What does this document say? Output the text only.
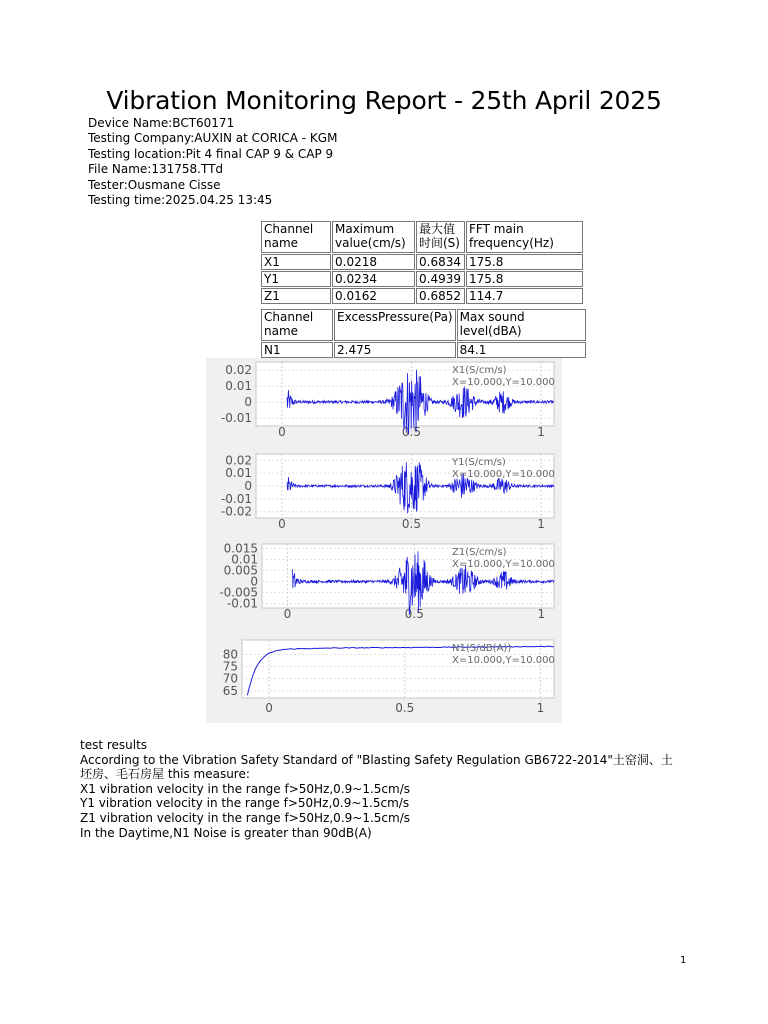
Vibration Monitoring Report - 25th April 2025
Device Name:BCT60171
Testing Company:AUXIN at CORICA - KGM
Testing location:Pit 4 final CAP 9 & CAP 9
File Name:131758.TTd
Tester:Ousmane Cisse
Testing time:2025.04.25 13:45
Channel name	Maximum value(cm/s)	最大值时间(S)	FFT main frequency(Hz)
X1	0.0218	0.6834	175.8
Y1	0.0234	0.4939	175.8
Z1	0.0162	0.6852	114.7
Channel name	ExcessPressure(Pa)	Max sound level(dBA)
N1	2.475	84.1
0	0.5	1
0.02
0.01
0
-0.01
X1(S/cm/s)
X=10.000,Y=10.000
0	0.5	1
0.02
0.01
0
-0.01
-0.02
Y1(S/cm/s)
X=10.000,Y=10.000
0	0.5	1
0.015
0.01
0.005
0
-0.005
-0.01
Z1(S/cm/s)
X=10.000,Y=10.000
0	0.5	1
80
75
70
65
N1(S/dB(A))
X=10.000,Y=10.000
test results
According to the Vibration Safety Standard of "Blasting Safety Regulation GB6722-2014"土窑洞、土坯房、毛石房屋 this measure:
X1 vibration velocity in the range f>50Hz,0.9~1.5cm/s
Y1 vibration velocity in the range f>50Hz,0.9~1.5cm/s
Z1 vibration velocity in the range f>50Hz,0.9~1.5cm/s
In the Daytime,N1 Noise is greater than 90dB(A)
1
